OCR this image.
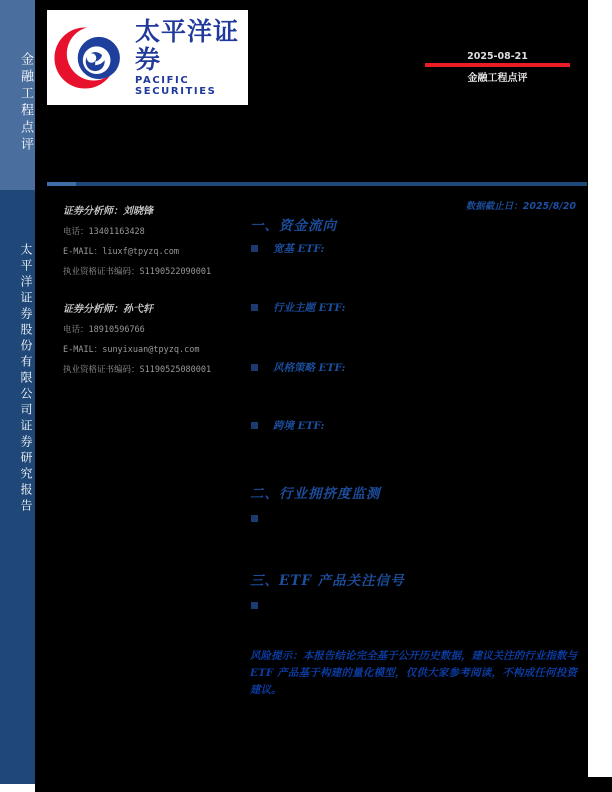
金融工程点评
太平洋证券股份有限公司证券研究报告
太平洋证券
PACIFIC SECURITIES
2025-08-21
金融工程点评
证券分析师：刘晓锋
电话：13401163428
E-MAIL：liuxf@tpyzq.com
执业资格证书编码：S1190522090001
证券分析师：孙弋轩
电话：18910596766
E-MAIL：sunyixuan@tpyzq.com
执业资格证书编码：S1190525080001
数据截止日：2025/8/20
一、资金流向
宽基 ETF:
行业主题 ETF:
风格策略 ETF:
跨境 ETF:
二、行业拥挤度监测
三、ETF 产品关注信号
风险提示：本报告结论完全基于公开历史数据，建议关注的行业指数与 ETF 产品基于构建的量化模型，仅供大家参考阅读，不构成任何投资建议。
